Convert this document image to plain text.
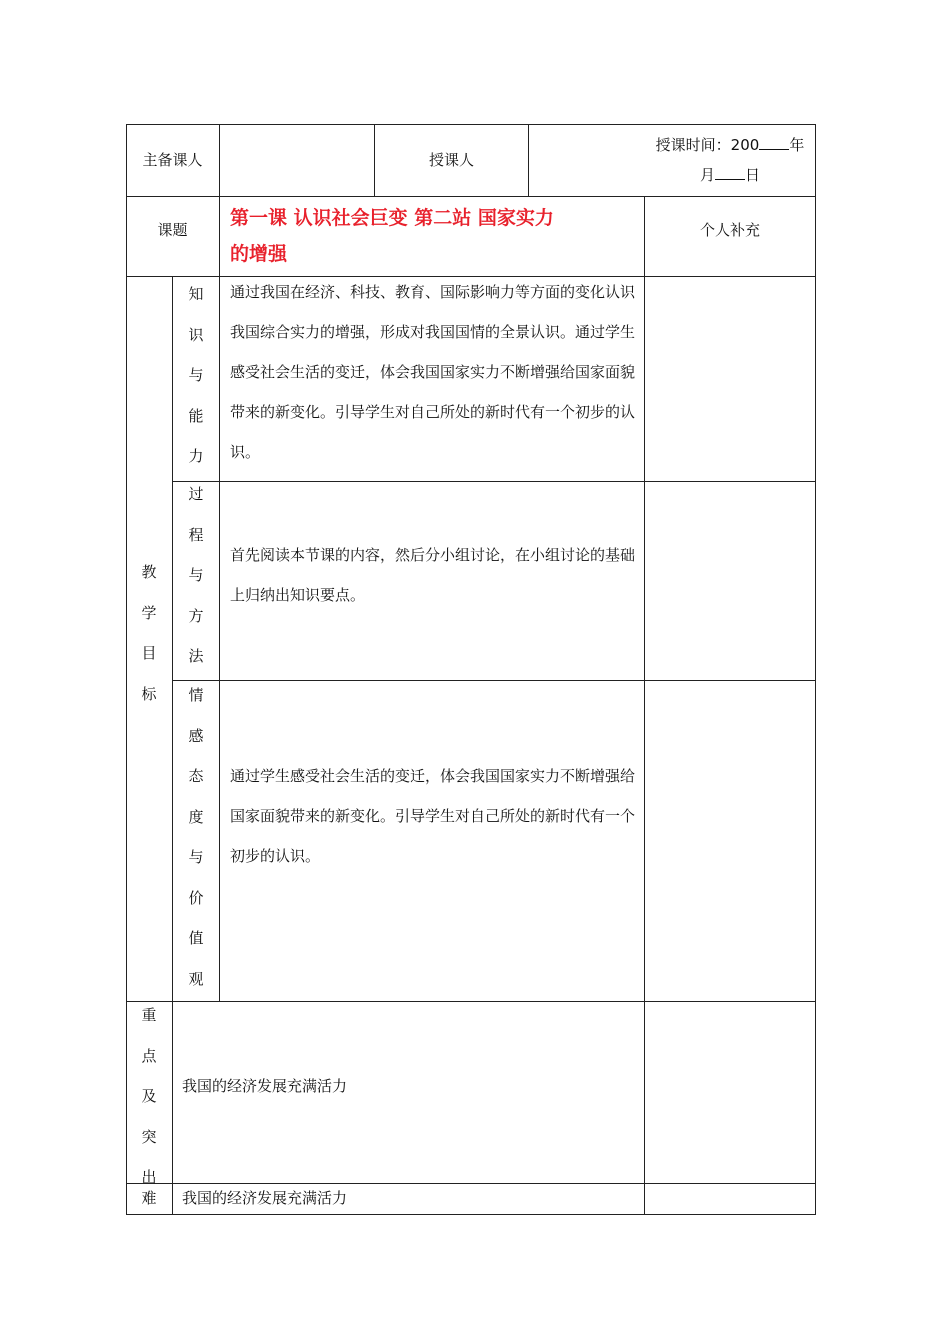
主备课人	授课人
授课时间：200 年
月 日
课题
第一课 认识社会巨变 第二站 国家实力
的增强
个人补充
教
学
目
标
知
识
与
能
力
通过我国在经济、科技、教育、国际影响力等方面的变化认识我国综合实力的增强，形成对我国国情的全景认识。通过学生感受社会生活的变迁，体会我国国家实力不断增强给国家面貌带来的新变化。引导学生对自己所处的新时代有一个初步的认识。
过
程
与
方
法
首先阅读本节课的内容，然后分小组讨论，在小组讨论的基础上归纳出知识要点。
情
感
态
度
与
价
值
观
通过学生感受社会生活的变迁，体会我国国家实力不断增强给国家面貌带来的新变化。引导学生对自己所处的新时代有一个初步的认识。
重
点
及
突
出
我国的经济发展充满活力
难	我国的经济发展充满活力
